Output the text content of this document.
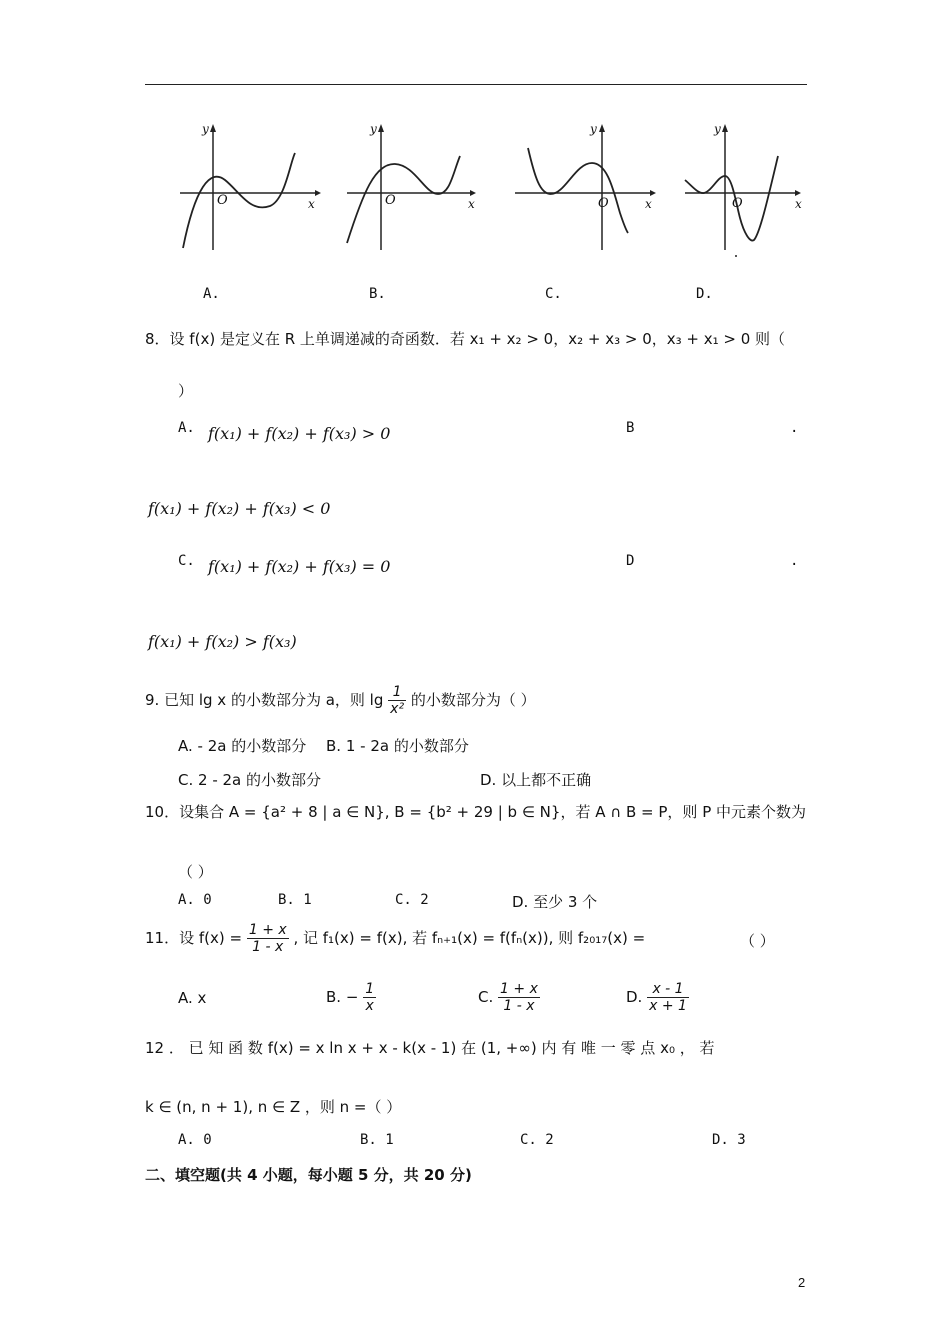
y
x
O
y
x
O
y
x
O
y
x
O
A.	B.	C.	D.
8．设 f(x) 是定义在 R 上单调递减的奇函数．若 x₁ + x₂ > 0，x₂ + x₃ > 0，x₃ + x₁ > 0 则（
）
A. f(x₁) + f(x₂) + f(x₃) > 0	B	.
f(x₁) + f(x₂) + f(x₃) < 0
C. f(x₁) + f(x₂) + f(x₃) = 0	D	.
f(x₁) + f(x₂) > f(x₃)
9. 已知 lg x 的小数部分为 a，则 $\lg \frac{1}{\text{x²}}$ 的小数部分为（ ）
A. - 2a 的小数部分 B. 1 - 2a 的小数部分
C. 2 - 2a 的小数部分	D. 以上都不正确
10．设集合 A = {a² + 8 | a ∈ N}, B = {b² + 29 | b ∈ N}，若 A ∩ B = P，则 P 中元素个数为
（ ）
A. 0	B. 1	C. 2	D. 至少 3 个
11．设 $f(x) = \frac{1 + x}{1 - x}$ , 记 f₁(x) = f(x), 若 fₙ₊₁(x) = f(fₙ(x)), 则 f₂₀₁₇(x) =	（ ）
A. x	B. − $\frac{1}{x}$	C. $\frac{1 + x}{1 - x}$	D. $\frac{x - 1}{x + 1}$
12 ． 已 知 函 数 f(x) = x ln x + x - k(x - 1) 在 (1, +∞) 内 有 唯 一 零 点 x₀ ， 若
k ∈ (n, n + 1), n ∈ Z ，则 n =（ ）
A. 0	B. 1	C. 2	D. 3
二、填空题(共 4 小题，每小题 5 分，共 20 分)
2
